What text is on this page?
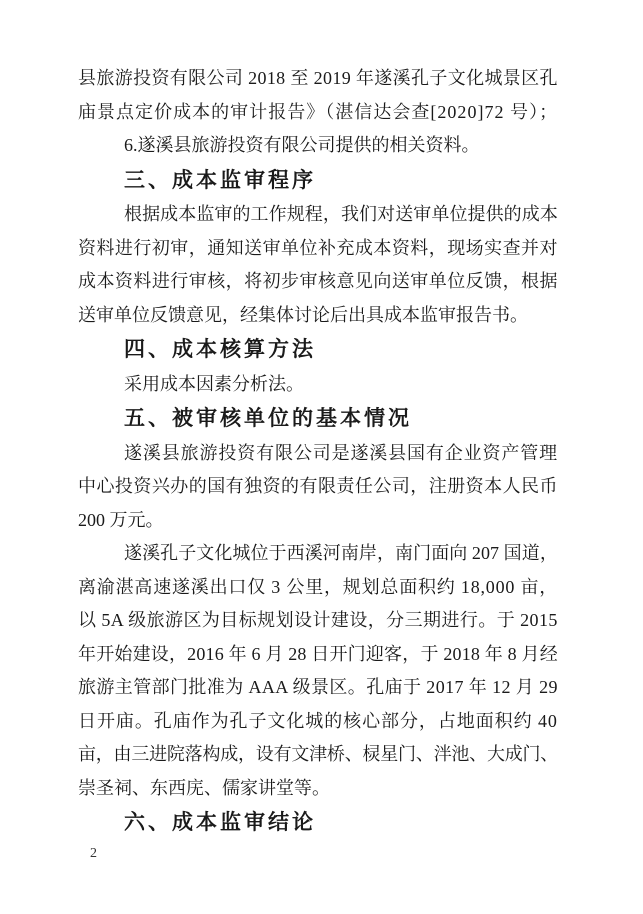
县旅游投资有限公司 2018 至 2019 年遂溪孔子文化城景区孔
庙景点定价成本的审计报告》（湛信达会查[2020]72 号）；
6.遂溪县旅游投资有限公司提供的相关资料。
三、成本监审程序
根据成本监审的工作规程，我们对送审单位提供的成本
资料进行初审，通知送审单位补充成本资料，现场实查并对
成本资料进行审核，将初步审核意见向送审单位反馈，根据
送审单位反馈意见，经集体讨论后出具成本监审报告书。
四、成本核算方法
采用成本因素分析法。
五、被审核单位的基本情况
遂溪县旅游投资有限公司是遂溪县国有企业资产管理
中心投资兴办的国有独资的有限责任公司，注册资本人民币
200 万元。
遂溪孔子文化城位于西溪河南岸，南门面向 207 国道，
离渝湛高速遂溪出口仅 3 公里，规划总面积约 18,000 亩，
以 5A 级旅游区为目标规划设计建设，分三期进行。于 2015
年开始建设，2016 年 6 月 28 日开门迎客，于 2018 年 8 月经
旅游主管部门批准为 AAA 级景区。孔庙于 2017 年 12 月 29
日开庙。孔庙作为孔子文化城的核心部分，占地面积约 40
亩，由三进院落构成，设有文津桥、棂星门、泮池、大成门、
崇圣祠、东西庑、儒家讲堂等。
六、成本监审结论
2
